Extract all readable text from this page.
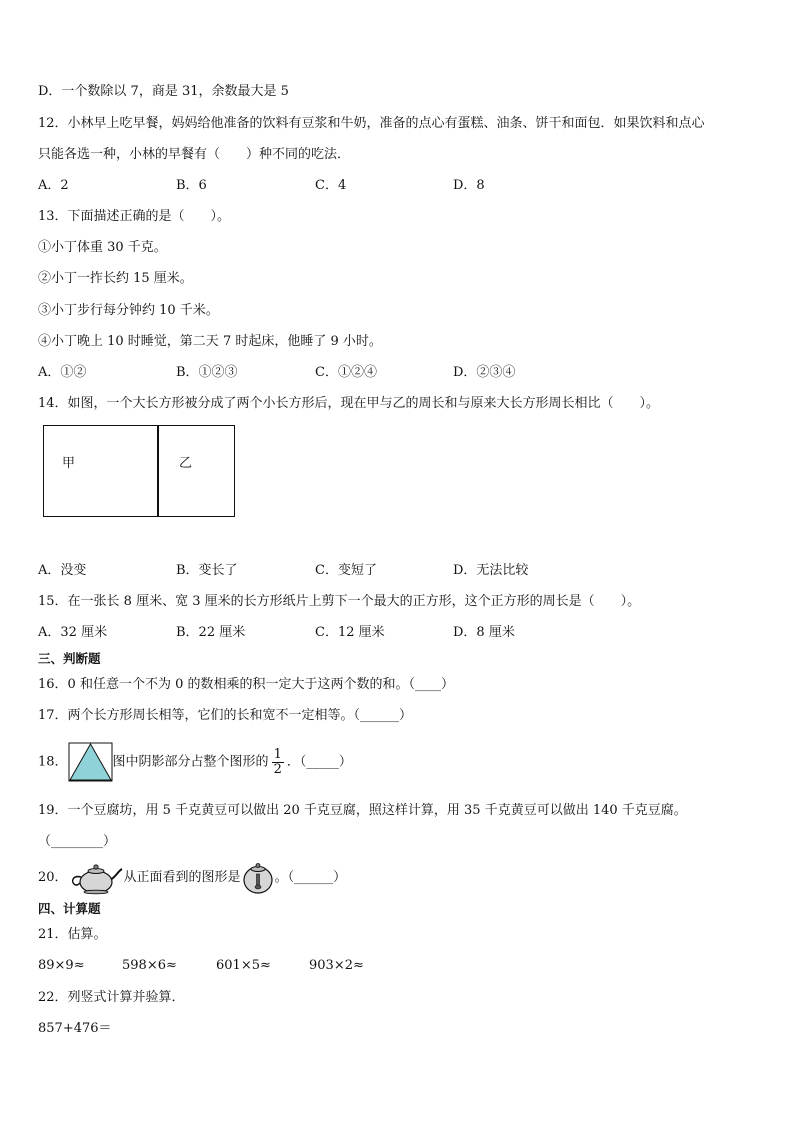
D．一个数除以 7，商是 31，余数最大是 5
12．小林早上吃早餐，妈妈给他准备的饮料有豆浆和牛奶，准备的点心有蛋糕、油条、饼干和面包．如果饮料和点心
只能各选一种，小林的早餐有（　　）种不同的吃法．
A．2	B．6	C．4	D．8
13．下面描述正确的是（　　）。
①小丁体重 30 千克。
②小丁一拃长约 15 厘米。
③小丁步行每分钟约 10 千米。
④小丁晚上 10 时睡觉，第二天 7 时起床，他睡了 9 小时。
A．①②	B．①②③	C．①②④	D．②③④
14．如图，一个大长方形被分成了两个小长方形后，现在甲与乙的周长和与原来大长方形周长相比（　　）。
甲	乙
A．没变	B．变长了	C．变短了	D．无法比较
15．在一张长 8 厘米、宽 3 厘米的长方形纸片上剪下一个最大的正方形，这个正方形的周长是（　　）。
A．32 厘米	B．22 厘米	C．12 厘米	D．8 厘米
三、判断题
16．0 和任意一个不为 0 的数相乘的积一定大于这两个数的和。（____）
17．两个长方形周长相等，它们的长和宽不一定相等。（______）
18．	图中阴影部分占整个图形的 $\frac{1}{2}$ ．（_____）
19．一个豆腐坊，用 5 千克黄豆可以做出 20 千克豆腐，照这样计算，用 35 千克黄豆可以做出 140 千克豆腐。
（________）
20．	从正面看到的图形是	。（______）
四、计算题
21．估算。
89×9≈	598×6≈	601×5≈	903×2≈
22．列竖式计算并验算．
857+476＝
